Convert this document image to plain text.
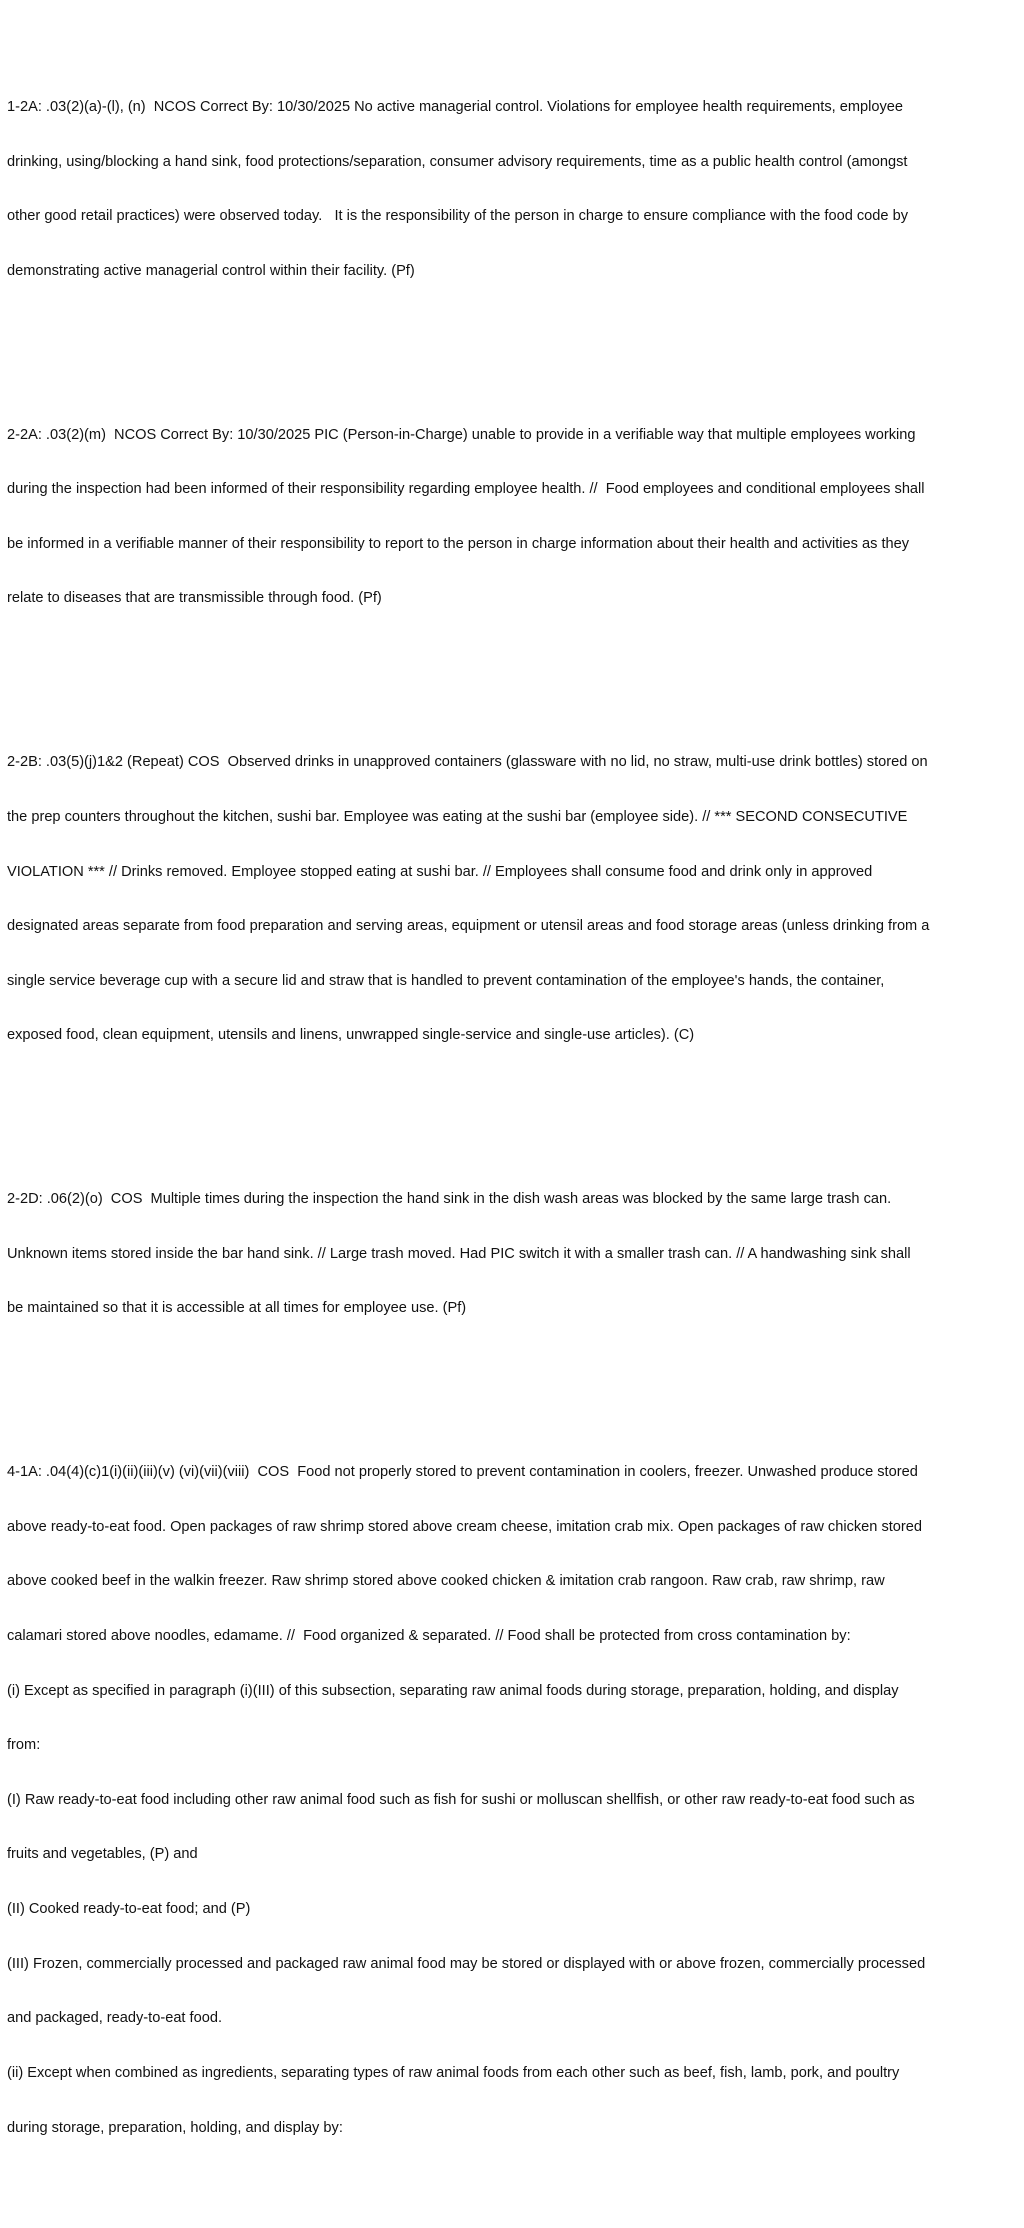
1-2A: .03(2)(a)-(l), (n)  NCOS Correct By: 10/30/2025 No active managerial control. Violations for employee health requirements, employee

drinking, using/blocking a hand sink, food protections/separation, consumer advisory requirements, time as a public health control (amongst

other good retail practices) were observed today.   It is the responsibility of the person in charge to ensure compliance with the food code by

demonstrating active managerial control within their facility. (Pf)

2-2A: .03(2)(m)  NCOS Correct By: 10/30/2025 PIC (Person-in-Charge) unable to provide in a verifiable way that multiple employees working

during the inspection had been informed of their responsibility regarding employee health. //  Food employees and conditional employees shall

be informed in a verifiable manner of their responsibility to report to the person in charge information about their health and activities as they

relate to diseases that are transmissible through food. (Pf)

2-2B: .03(5)(j)1&2 (Repeat) COS  Observed drinks in unapproved containers (glassware with no lid, no straw, multi-use drink bottles) stored on

the prep counters throughout the kitchen, sushi bar. Employee was eating at the sushi bar (employee side). // *** SECOND CONSECUTIVE

VIOLATION *** // Drinks removed. Employee stopped eating at sushi bar. // Employees shall consume food and drink only in approved

designated areas separate from food preparation and serving areas, equipment or utensil areas and food storage areas (unless drinking from a

single service beverage cup with a secure lid and straw that is handled to prevent contamination of the employee's hands, the container,

exposed food, clean equipment, utensils and linens, unwrapped single-service and single-use articles). (C)

2-2D: .06(2)(o)  COS  Multiple times during the inspection the hand sink in the dish wash areas was blocked by the same large trash can.

Unknown items stored inside the bar hand sink. // Large trash moved. Had PIC switch it with a smaller trash can. // A handwashing sink shall

be maintained so that it is accessible at all times for employee use. (Pf)

4-1A: .04(4)(c)1(i)(ii)(iii)(v) (vi)(vii)(viii)  COS  Food not properly stored to prevent contamination in coolers, freezer. Unwashed produce stored

above ready-to-eat food. Open packages of raw shrimp stored above cream cheese, imitation crab mix. Open packages of raw chicken stored

above cooked beef in the walkin freezer. Raw shrimp stored above cooked chicken & imitation crab rangoon. Raw crab, raw shrimp, raw

calamari stored above noodles, edamame. //  Food organized & separated. // Food shall be protected from cross contamination by:

(i) Except as specified in paragraph (i)(III) of this subsection, separating raw animal foods during storage, preparation, holding, and display

from:

(I) Raw ready-to-eat food including other raw animal food such as fish for sushi or molluscan shellfish, or other raw ready-to-eat food such as

fruits and vegetables, (P) and

(II) Cooked ready-to-eat food; and (P)

(III) Frozen, commercially processed and packaged raw animal food may be stored or displayed with or above frozen, commercially processed

and packaged, ready-to-eat food.

(ii) Except when combined as ingredients, separating types of raw animal foods from each other such as beef, fish, lamb, pork, and poultry

during storage, preparation, holding, and display by:
